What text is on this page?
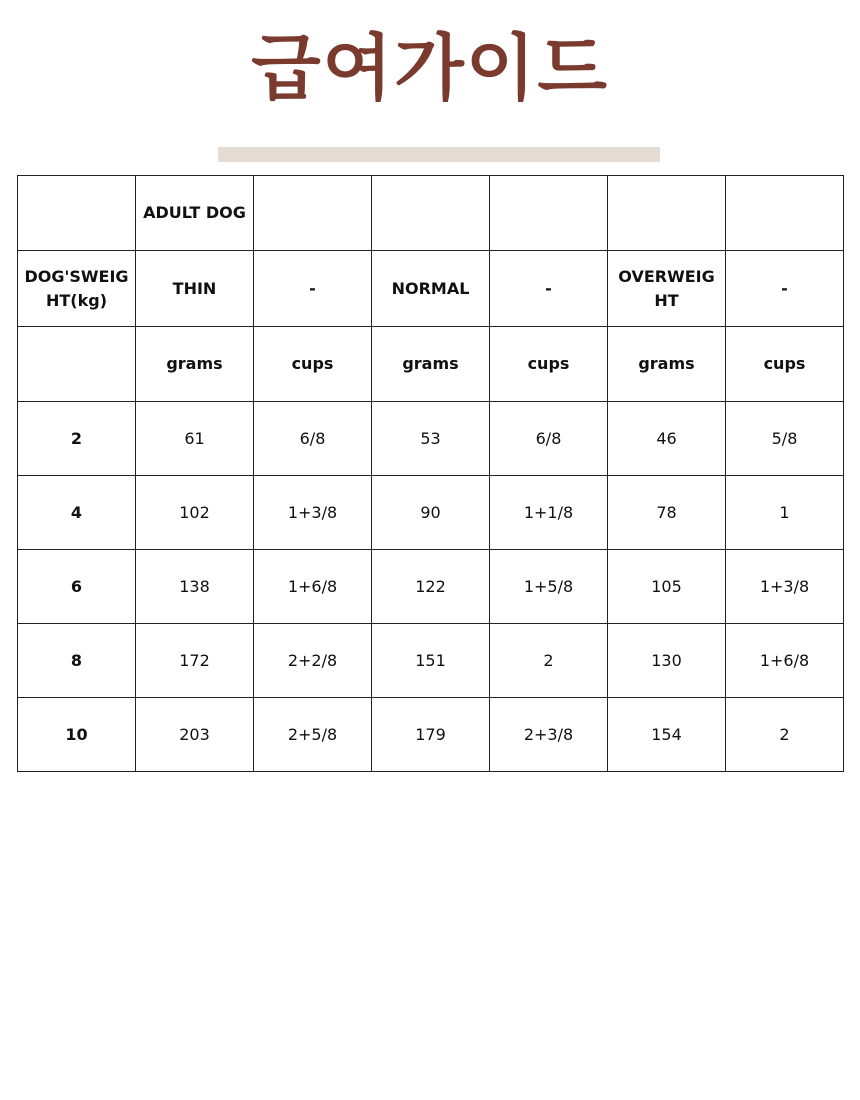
급여가이드
	ADULT DOG					
DOG'SWEIGHT(kg)	THIN	-	NORMAL	-	OVERWEIGHT	-
	grams	cups	grams	cups	grams	cups
2	61	6/8	53	6/8	46	5/8
4	102	1+3/8	90	1+1/8	78	1
6	138	1+6/8	122	1+5/8	105	1+3/8
8	172	2+2/8	151	2	130	1+6/8
10	203	2+5/8	179	2+3/8	154	2
